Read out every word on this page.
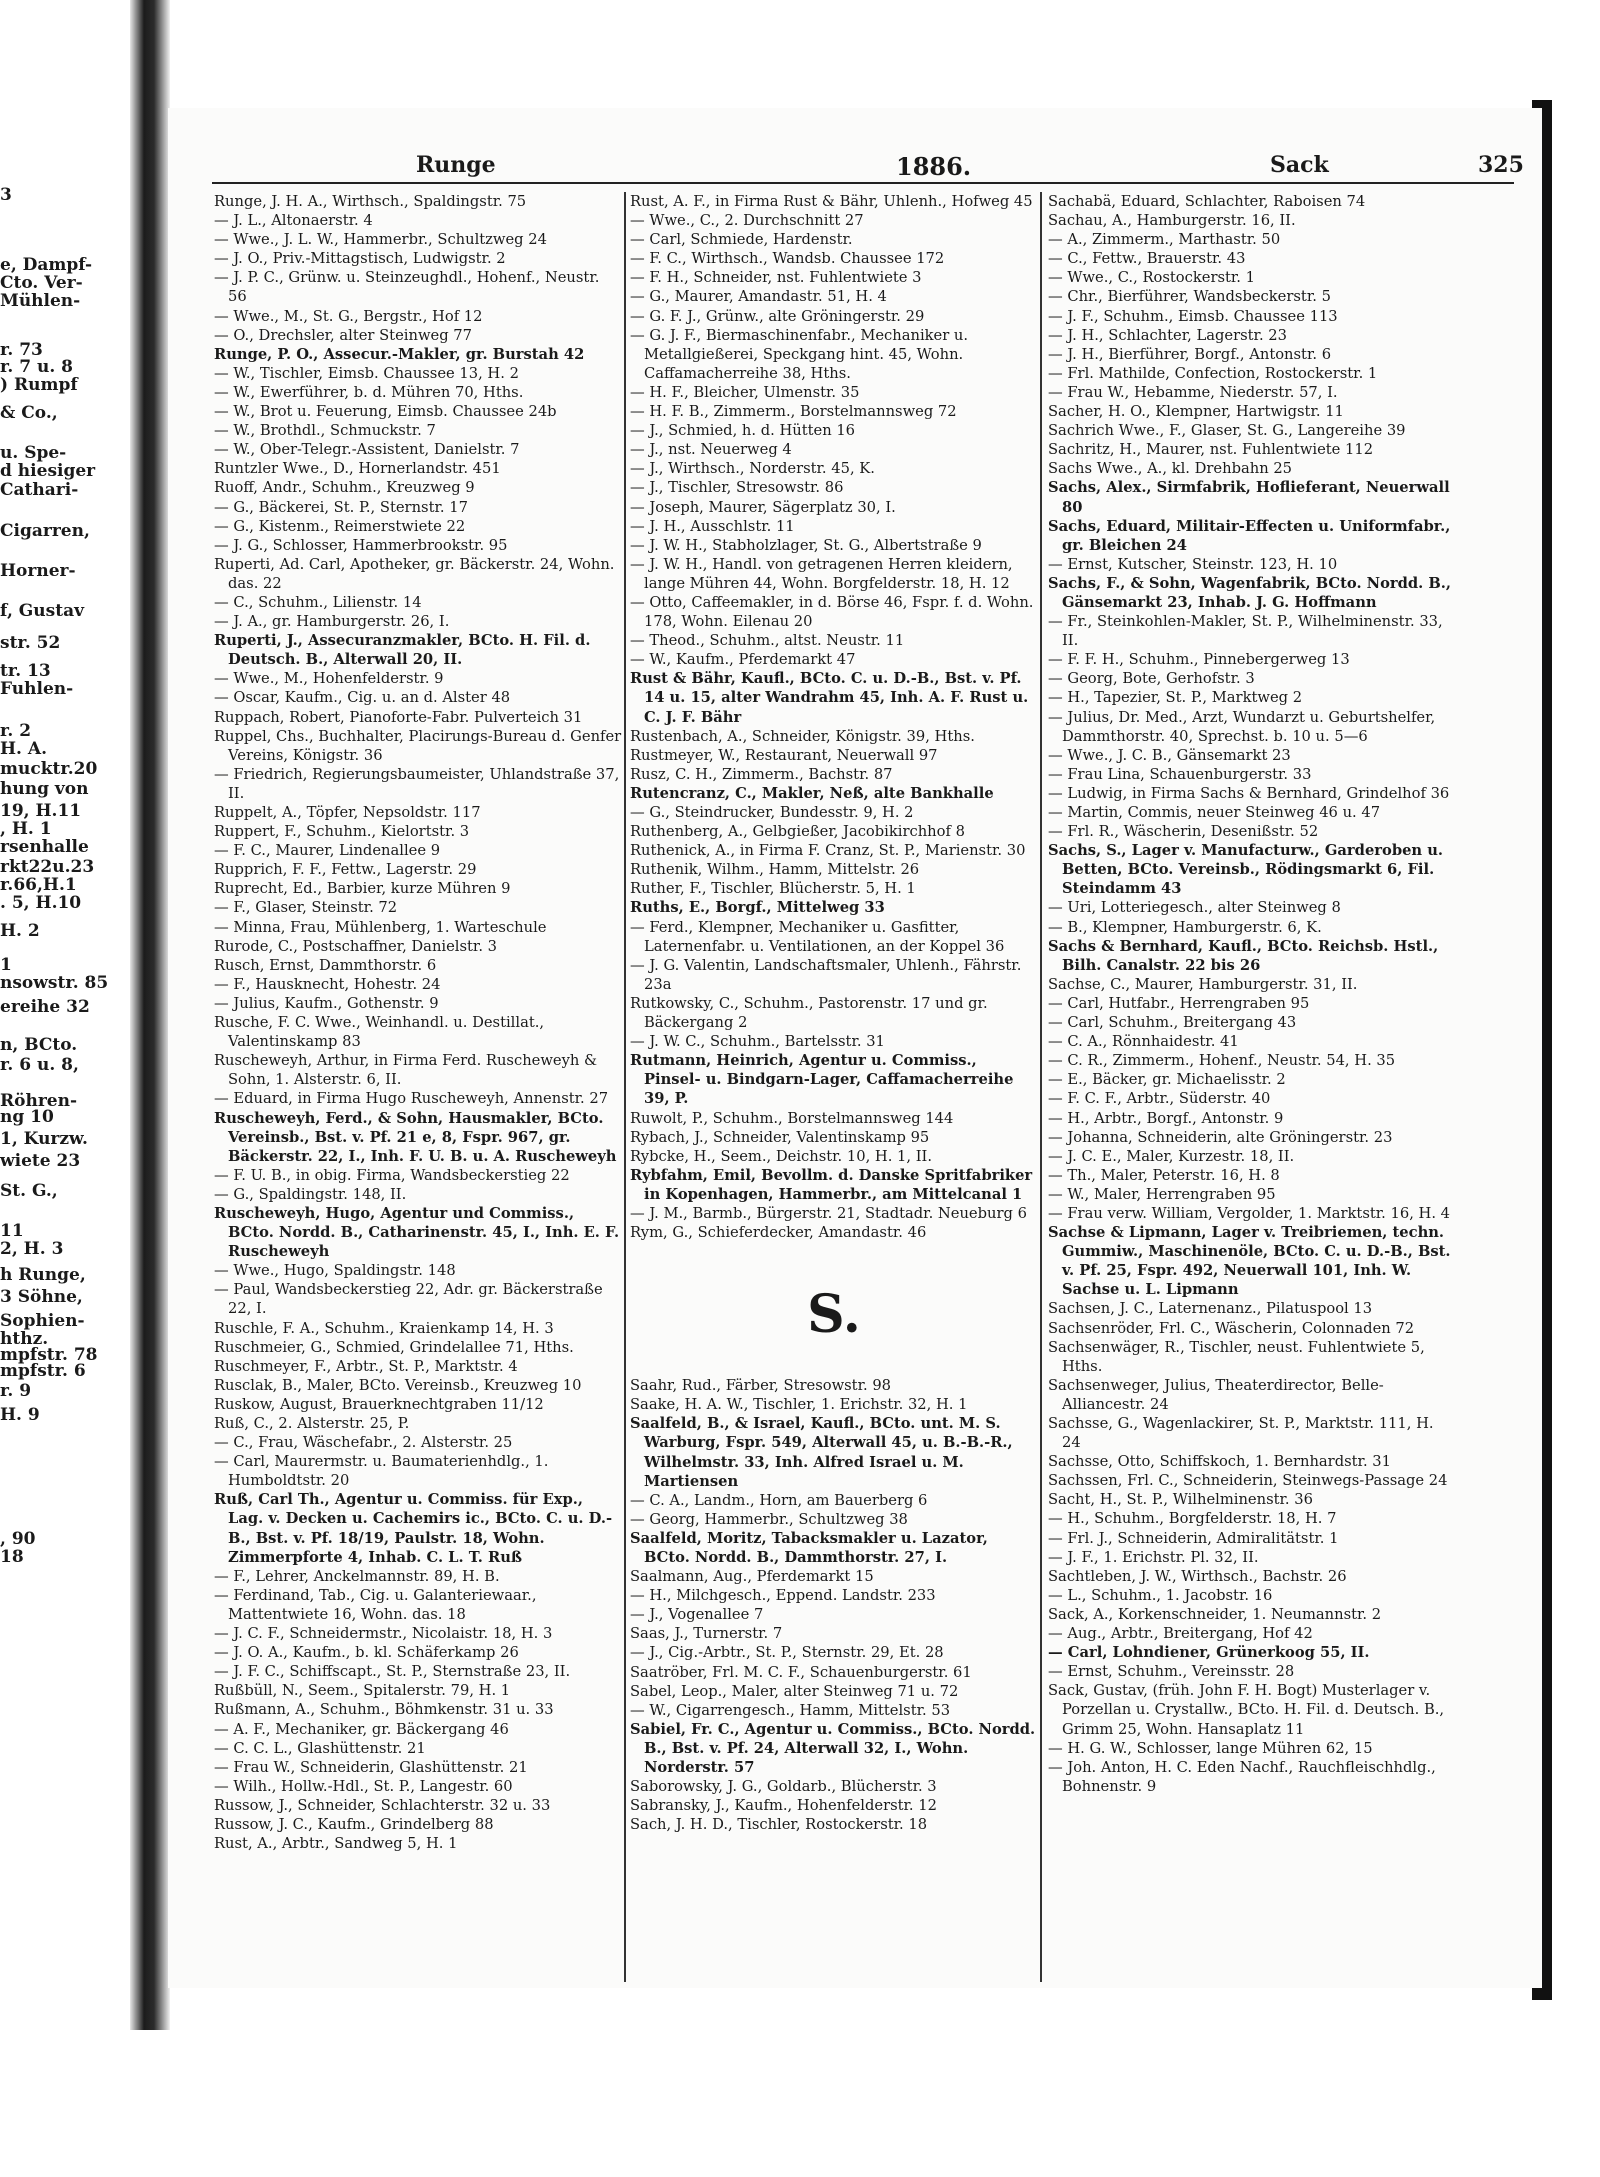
3
e, Dampf-
Cto. Ver-
Mühlen-
r. 73
r. 7 u. 8
) Rumpf
& Co.,
u. Spe-
d hiesiger
Cathari-
Cigarren,
Horner-
f, Gustav
str. 52
tr. 13
Fuhlen-
r. 2
H. A.
mucktr.20
hung von
19, H.11
, H. 1
rsenhalle
rkt22u.23
r.66,H.1
. 5, H.10
H. 2
1
nsowstr. 85
ereihe 32
n, BCto.
r. 6 u. 8,
Röhren-
ng 10
1, Kurzw.
wiete 23
St. G.,
11
2, H. 3
h Runge,
3 Söhne,
Sophien-
hthz.
mpfstr. 78
mpfstr. 6
r. 9
H. 9
, 90
18
Runge	1886.	Sack	325
Runge, J. H. A., Wirthsch., Spaldingstr. 75
— J. L., Altonaerstr. 4
— Wwe., J. L. W., Hammerbr., Schultzweg 24
— J. O., Priv.-Mittagstisch, Ludwigstr. 2
— J. P. C., Grünw. u. Steinzeughdl., Hohenf., Neustr. 56
— Wwe., M., St. G., Bergstr., Hof 12
— O., Drechsler, alter Steinweg 77
Runge, P. O., Assecur.-Makler, gr. Burstah 42
— W., Tischler, Eimsb. Chaussee 13, H. 2
— W., Ewerführer, b. d. Mühren 70, Hths.
— W., Brot u. Feuerung, Eimsb. Chaussee 24b
— W., Brothdl., Schmuckstr. 7
— W., Ober-Telegr.-Assistent, Danielstr. 7
Runtzler Wwe., D., Hornerlandstr. 451
Ruoff, Andr., Schuhm., Kreuzweg 9
— G., Bäckerei, St. P., Sternstr. 17
— G., Kistenm., Reimerstwiete 22
— J. G., Schlosser, Hammerbrookstr. 95
Ruperti, Ad. Carl, Apotheker, gr. Bäckerstr. 24, Wohn. das. 22
— C., Schuhm., Lilienstr. 14
— J. A., gr. Hamburgerstr. 26, I.
Ruperti, J., Assecuranzmakler, BCto. H. Fil. d. Deutsch. B., Alterwall 20, II.
— Wwe., M., Hohenfelderstr. 9
— Oscar, Kaufm., Cig. u. an d. Alster 48
Ruppach, Robert, Pianoforte-Fabr. Pulverteich 31
Ruppel, Chs., Buchhalter, Placirungs-Bureau d. Genfer Vereins, Königstr. 36
— Friedrich, Regierungsbaumeister, Uhlandstraße 37, II.
Ruppelt, A., Töpfer, Nepsoldstr. 117
Ruppert, F., Schuhm., Kielortstr. 3
— F. C., Maurer, Lindenallee 9
Rupprich, F. F., Fettw., Lagerstr. 29
Ruprecht, Ed., Barbier, kurze Mühren 9
— F., Glaser, Steinstr. 72
— Minna, Frau, Mühlenberg, 1. Warteschule
Rurode, C., Postschaffner, Danielstr. 3
Rusch, Ernst, Dammthorstr. 6
— F., Hausknecht, Hohestr. 24
— Julius, Kaufm., Gothenstr. 9
Rusche, F. C. Wwe., Weinhandl. u. Destillat., Valentinskamp 83
Ruscheweyh, Arthur, in Firma Ferd. Ruscheweyh & Sohn, 1. Alsterstr. 6, II.
— Eduard, in Firma Hugo Ruscheweyh, Annenstr. 27
Ruscheweyh, Ferd., & Sohn, Hausmakler, BCto. Vereinsb., Bst. v. Pf. 21 e, 8, Fspr. 967, gr. Bäckerstr. 22, I., Inh. F. U. B. u. A. Ruscheweyh
— F. U. B., in obig. Firma, Wandsbeckerstieg 22
— G., Spaldingstr. 148, II.
Ruscheweyh, Hugo, Agentur und Commiss., BCto. Nordd. B., Catharinenstr. 45, I., Inh. E. F. Ruscheweyh
— Wwe., Hugo, Spaldingstr. 148
— Paul, Wandsbeckerstieg 22, Adr. gr. Bäckerstraße 22, I.
Ruschle, F. A., Schuhm., Kraienkamp 14, H. 3
Ruschmeier, G., Schmied, Grindelallee 71, Hths.
Ruschmeyer, F., Arbtr., St. P., Marktstr. 4
Rusclak, B., Maler, BCto. Vereinsb., Kreuzweg 10
Ruskow, August, Brauerknechtgraben 11/12
Ruß, C., 2. Alsterstr. 25, P.
— C., Frau, Wäschefabr., 2. Alsterstr. 25
— Carl, Maurermstr. u. Baumaterienhdlg., 1. Humboldtstr. 20
Ruß, Carl Th., Agentur u. Commiss. für Exp., Lag. v. Decken u. Cachemirs ic., BCto. C. u. D.-B., Bst. v. Pf. 18/19, Paulstr. 18, Wohn. Zimmerpforte 4, Inhab. C. L. T. Ruß
— F., Lehrer, Anckelmannstr. 89, H. B.
— Ferdinand, Tab., Cig. u. Galanteriewaar., Mattentwiete 16, Wohn. das. 18
— J. C. F., Schneidermstr., Nicolaistr. 18, H. 3
— J. O. A., Kaufm., b. kl. Schäferkamp 26
— J. F. C., Schiffscapt., St. P., Sternstraße 23, II.
Rußbüll, N., Seem., Spitalerstr. 79, H. 1
Rußmann, A., Schuhm., Böhmkenstr. 31 u. 33
— A. F., Mechaniker, gr. Bäckergang 46
— C. C. L., Glashüttenstr. 21
— Frau W., Schneiderin, Glashüttenstr. 21
— Wilh., Hollw.-Hdl., St. P., Langestr. 60
Russow, J., Schneider, Schlachterstr. 32 u. 33
Russow, J. C., Kaufm., Grindelberg 88
Rust, A., Arbtr., Sandweg 5, H. 1
Rust, A. F., in Firma Rust & Bähr, Uhlenh., Hofweg 45
— Wwe., C., 2. Durchschnitt 27
— Carl, Schmiede, Hardenstr.
— F. C., Wirthsch., Wandsb. Chaussee 172
— F. H., Schneider, nst. Fuhlentwiete 3
— G., Maurer, Amandastr. 51, H. 4
— G. F. J., Grünw., alte Gröningerstr. 29
— G. J. F., Biermaschinenfabr., Mechaniker u. Metallgießerei, Speckgang hint. 45, Wohn. Caffamacherreihe 38, Hths.
— H. F., Bleicher, Ulmenstr. 35
— H. F. B., Zimmerm., Borstelmannsweg 72
— J., Schmied, h. d. Hütten 16
— J., nst. Neuerweg 4
— J., Wirthsch., Norderstr. 45, K.
— J., Tischler, Stresowstr. 86
— Joseph, Maurer, Sägerplatz 30, I.
— J. H., Ausschlstr. 11
— J. W. H., Stabholzlager, St. G., Albertstraße 9
— J. W. H., Handl. von getragenen Herren kleidern, lange Mühren 44, Wohn. Borgfelderstr. 18, H. 12
— Otto, Caffeemakler, in d. Börse 46, Fspr. f. d. Wohn. 178, Wohn. Eilenau 20
— Theod., Schuhm., altst. Neustr. 11
— W., Kaufm., Pferdemarkt 47
Rust & Bähr, Kaufl., BCto. C. u. D.-B., Bst. v. Pf. 14 u. 15, alter Wandrahm 45, Inh. A. F. Rust u. C. J. F. Bähr
Rustenbach, A., Schneider, Königstr. 39, Hths.
Rustmeyer, W., Restaurant, Neuerwall 97
Rusz, C. H., Zimmerm., Bachstr. 87
Rutencranz, C., Makler, Neß, alte Bankhalle
— G., Steindrucker, Bundesstr. 9, H. 2
Ruthenberg, A., Gelbgießer, Jacobikirchhof 8
Ruthenick, A., in Firma F. Cranz, St. P., Marienstr. 30
Ruthenik, Wilhm., Hamm, Mittelstr. 26
Ruther, F., Tischler, Blücherstr. 5, H. 1
Ruths, E., Borgf., Mittelweg 33
— Ferd., Klempner, Mechaniker u. Gasfitter, Laternenfabr. u. Ventilationen, an der Koppel 36
— J. G. Valentin, Landschaftsmaler, Uhlenh., Fährstr. 23a
Rutkowsky, C., Schuhm., Pastorenstr. 17 und gr. Bäckergang 2
— J. W. C., Schuhm., Bartelsstr. 31
Rutmann, Heinrich, Agentur u. Commiss., Pinsel- u. Bindgarn-Lager, Caffamacherreihe 39, P.
Ruwolt, P., Schuhm., Borstelmannsweg 144
Rybach, J., Schneider, Valentinskamp 95
Rybcke, H., Seem., Deichstr. 10, H. 1, II.
Rybfahm, Emil, Bevollm. d. Danske Spritfabriker in Kopenhagen, Hammerbr., am Mittelcanal 1
— J. M., Barmb., Bürgerstr. 21, Stadtadr. Neueburg 6
Rym, G., Schieferdecker, Amandastr. 46
S.
Saahr, Rud., Färber, Stresowstr. 98
Saake, H. A. W., Tischler, 1. Erichstr. 32, H. 1
Saalfeld, B., & Israel, Kaufl., BCto. unt. M. S. Warburg, Fspr. 549, Alterwall 45, u. B.-B.-R., Wilhelmstr. 33, Inh. Alfred Israel u. M. Martiensen
— C. A., Landm., Horn, am Bauerberg 6
— Georg, Hammerbr., Schultzweg 38
Saalfeld, Moritz, Tabacksmakler u. Lazator, BCto. Nordd. B., Dammthorstr. 27, I.
Saalmann, Aug., Pferdemarkt 15
— H., Milchgesch., Eppend. Landstr. 233
— J., Vogenallee 7
Saas, J., Turnerstr. 7
— J., Cig.-Arbtr., St. P., Sternstr. 29, Et. 28
Saatröber, Frl. M. C. F., Schauenburgerstr. 61
Sabel, Leop., Maler, alter Steinweg 71 u. 72
— W., Cigarrengesch., Hamm, Mittelstr. 53
Sabiel, Fr. C., Agentur u. Commiss., BCto. Nordd. B., Bst. v. Pf. 24, Alterwall 32, I., Wohn. Norderstr. 57
Saborowsky, J. G., Goldarb., Blücherstr. 3
Sabransky, J., Kaufm., Hohenfelderstr. 12
Sach, J. H. D., Tischler, Rostockerstr. 18
Sachabä, Eduard, Schlachter, Raboisen 74
Sachau, A., Hamburgerstr. 16, II.
— A., Zimmerm., Marthastr. 50
— C., Fettw., Brauerstr. 43
— Wwe., C., Rostockerstr. 1
— Chr., Bierführer, Wandsbeckerstr. 5
— J. F., Schuhm., Eimsb. Chaussee 113
— J. H., Schlachter, Lagerstr. 23
— J. H., Bierführer, Borgf., Antonstr. 6
— Frl. Mathilde, Confection, Rostockerstr. 1
— Frau W., Hebamme, Niederstr. 57, I.
Sacher, H. O., Klempner, Hartwigstr. 11
Sachrich Wwe., F., Glaser, St. G., Langereihe 39
Sachritz, H., Maurer, nst. Fuhlentwiete 112
Sachs Wwe., A., kl. Drehbahn 25
Sachs, Alex., Sirmfabrik, Hoflieferant, Neuerwall 80
Sachs, Eduard, Militair-Effecten u. Uniformfabr., gr. Bleichen 24
— Ernst, Kutscher, Steinstr. 123, H. 10
Sachs, F., & Sohn, Wagenfabrik, BCto. Nordd. B., Gänsemarkt 23, Inhab. J. G. Hoffmann
— Fr., Steinkohlen-Makler, St. P., Wilhelminenstr. 33, II.
— F. F. H., Schuhm., Pinnebergerweg 13
— Georg, Bote, Gerhofstr. 3
— H., Tapezier, St. P., Marktweg 2
— Julius, Dr. Med., Arzt, Wundarzt u. Geburtshelfer, Dammthorstr. 40, Sprechst. b. 10 u. 5—6
— Wwe., J. C. B., Gänsemarkt 23
— Frau Lina, Schauenburgerstr. 33
— Ludwig, in Firma Sachs & Bernhard, Grindelhof 36
— Martin, Commis, neuer Steinweg 46 u. 47
— Frl. R., Wäscherin, Desenißstr. 52
Sachs, S., Lager v. Manufacturw., Garderoben u. Betten, BCto. Vereinsb., Rödingsmarkt 6, Fil. Steindamm 43
— Uri, Lotteriegesch., alter Steinweg 8
— B., Klempner, Hamburgerstr. 6, K.
Sachs & Bernhard, Kaufl., BCto. Reichsb. Hstl., Bilh. Canalstr. 22 bis 26
Sachse, C., Maurer, Hamburgerstr. 31, II.
— Carl, Hutfabr., Herrengraben 95
— Carl, Schuhm., Breitergang 43
— C. A., Rönnhaidestr. 41
— C. R., Zimmerm., Hohenf., Neustr. 54, H. 35
— E., Bäcker, gr. Michaelisstr. 2
— F. C. F., Arbtr., Süderstr. 40
— H., Arbtr., Borgf., Antonstr. 9
— Johanna, Schneiderin, alte Gröningerstr. 23
— J. C. E., Maler, Kurzestr. 18, II.
— Th., Maler, Peterstr. 16, H. 8
— W., Maler, Herrengraben 95
— Frau verw. William, Vergolder, 1. Marktstr. 16, H. 4
Sachse & Lipmann, Lager v. Treibriemen, techn. Gummiw., Maschinenöle, BCto. C. u. D.-B., Bst. v. Pf. 25, Fspr. 492, Neuerwall 101, Inh. W. Sachse u. L. Lipmann
Sachsen, J. C., Laternenanz., Pilatuspool 13
Sachsenröder, Frl. C., Wäscherin, Colonnaden 72
Sachsenwäger, R., Tischler, neust. Fuhlentwiete 5, Hths.
Sachsenweger, Julius, Theaterdirector, Belle-Alliancestr. 24
Sachsse, G., Wagenlackirer, St. P., Marktstr. 111, H. 24
Sachsse, Otto, Schiffskoch, 1. Bernhardstr. 31
Sachssen, Frl. C., Schneiderin, Steinwegs-Passage 24
Sacht, H., St. P., Wilhelminenstr. 36
— H., Schuhm., Borgfelderstr. 18, H. 7
— Frl. J., Schneiderin, Admiralitätstr. 1
— J. F., 1. Erichstr. Pl. 32, II.
Sachtleben, J. W., Wirthsch., Bachstr. 26
— L., Schuhm., 1. Jacobstr. 16
Sack, A., Korkenschneider, 1. Neumannstr. 2
— Aug., Arbtr., Breitergang, Hof 42
— Carl, Lohndiener, Grünerkoog 55, II.
— Ernst, Schuhm., Vereinsstr. 28
Sack, Gustav, (früh. John F. H. Bogt) Musterlager v. Porzellan u. Crystallw., BCto. H. Fil. d. Deutsch. B., Grimm 25, Wohn. Hansaplatz 11
— H. G. W., Schlosser, lange Mühren 62, 15
— Joh. Anton, H. C. Eden Nachf., Rauchfleischhdlg., Bohnenstr. 9
